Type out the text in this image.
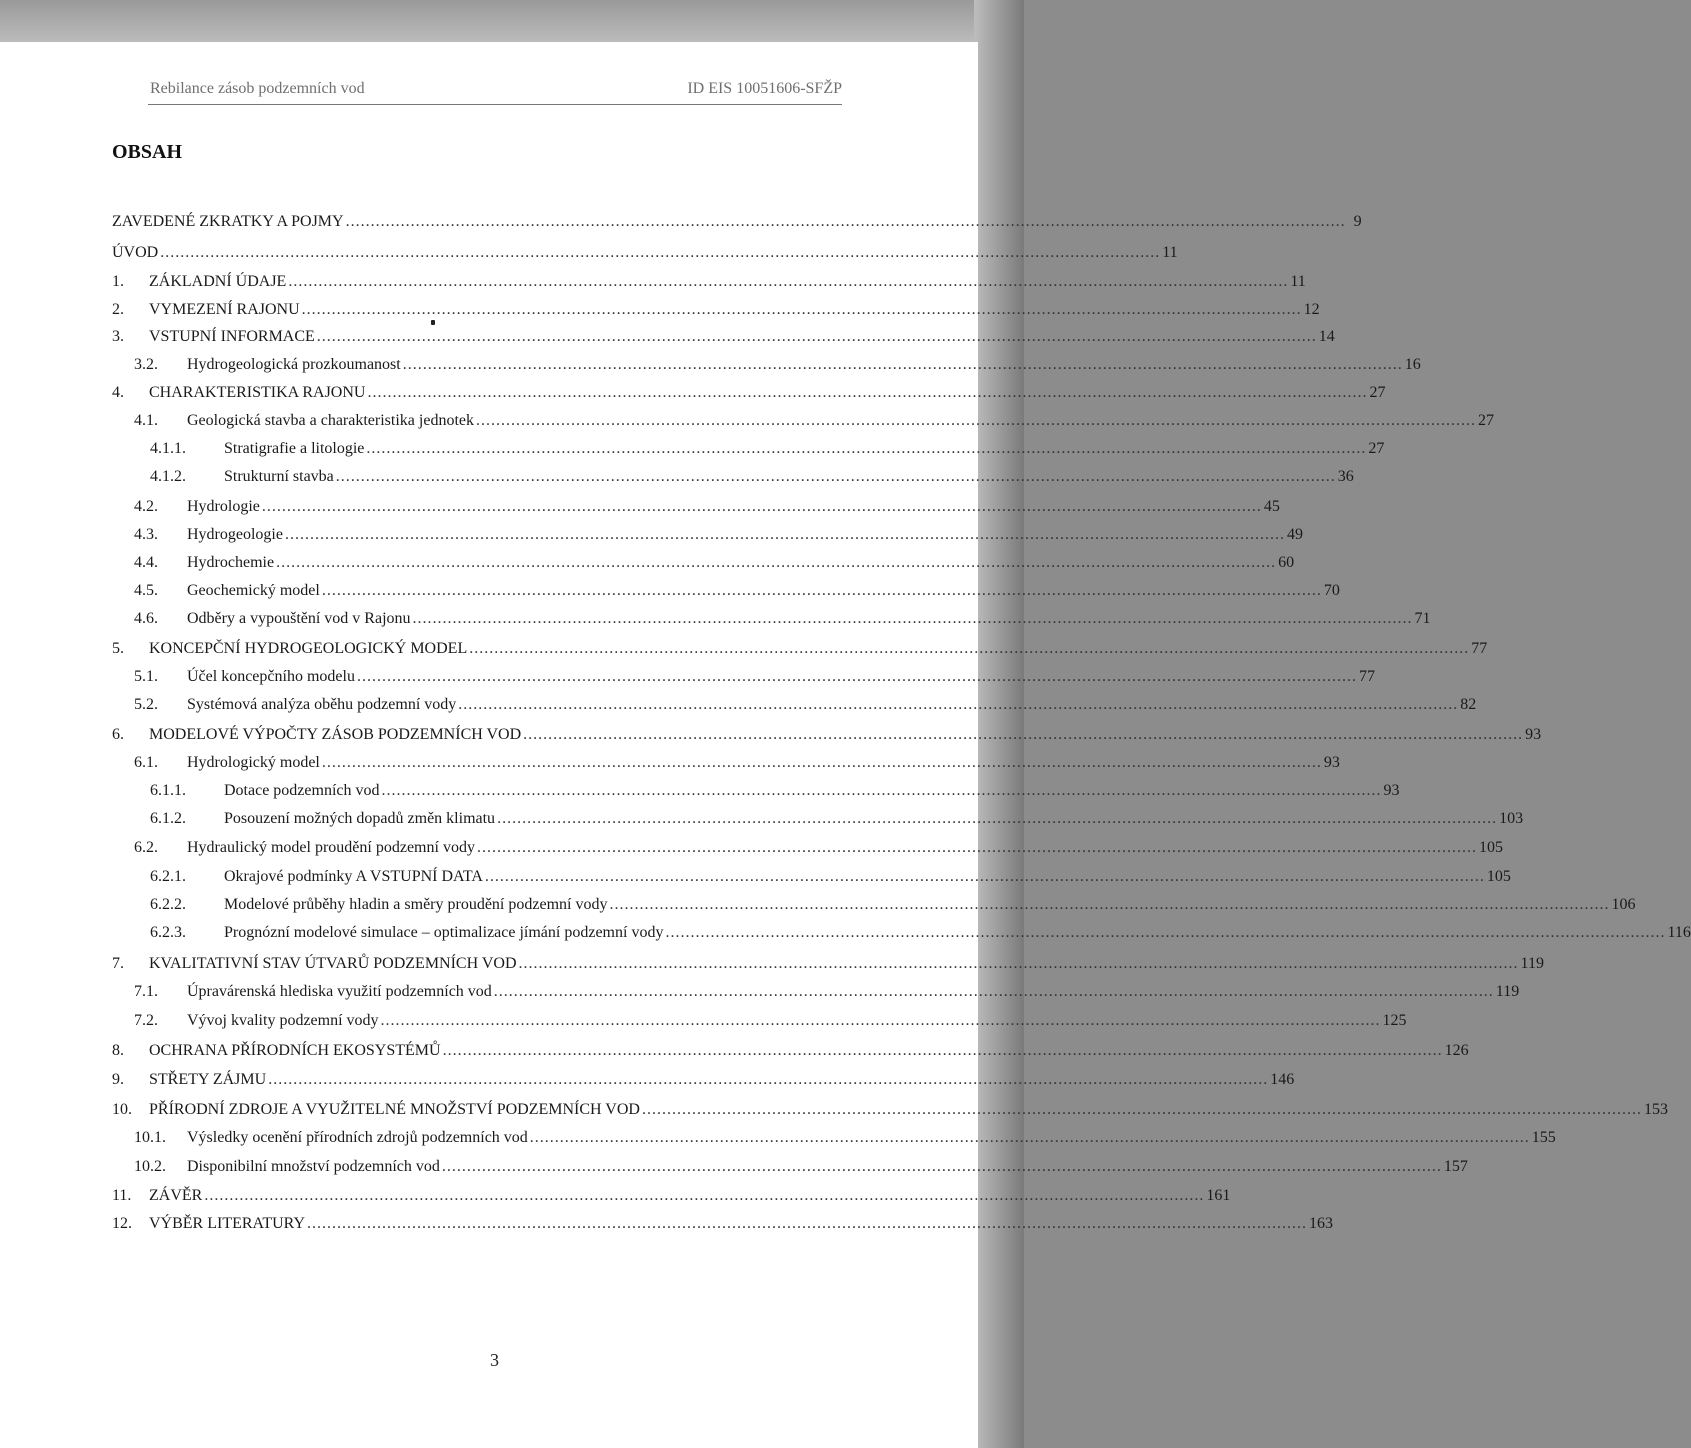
Rebilance zásob podzemních vod	ID EIS 10051606-SFŽP
OBSAH
ZAVEDENÉ ZKRATKY A POJMY ........................................................................................................................................................................................................ 9
ÚVOD ........................................................................................................................................................................................................ 11
1.	ZÁKLADNÍ ÚDAJE ........................................................................................................................................................................................................ 11
2.	VYMEZENÍ RAJONU ........................................................................................................................................................................................................ 12
3.	VSTUPNÍ INFORMACE ........................................................................................................................................................................................................ 14
3.2.	Hydrogeologická prozkoumanost ........................................................................................................................................................................................................ 16
4.	CHARAKTERISTIKA RAJONU ........................................................................................................................................................................................................ 27
4.1.	Geologická stavba a charakteristika jednotek ........................................................................................................................................................................................................ 27
4.1.1.	Stratigrafie a litologie ........................................................................................................................................................................................................ 27
4.1.2.	Strukturní stavba ........................................................................................................................................................................................................ 36
4.2.	Hydrologie ........................................................................................................................................................................................................ 45
4.3.	Hydrogeologie ........................................................................................................................................................................................................ 49
4.4.	Hydrochemie ........................................................................................................................................................................................................ 60
4.5.	Geochemický model ........................................................................................................................................................................................................ 70
4.6.	Odběry a vypouštění vod v Rajonu ........................................................................................................................................................................................................ 71
5.	KONCEPČNÍ HYDROGEOLOGICKÝ MODEL ........................................................................................................................................................................................................ 77
5.1.	Účel koncepčního modelu ........................................................................................................................................................................................................ 77
5.2.	Systémová analýza oběhu podzemní vody ........................................................................................................................................................................................................ 82
6.	MODELOVÉ VÝPOČTY ZÁSOB PODZEMNÍCH VOD ........................................................................................................................................................................................................ 93
6.1.	Hydrologický model ........................................................................................................................................................................................................ 93
6.1.1.	Dotace podzemních vod ........................................................................................................................................................................................................ 93
6.1.2.	Posouzení možných dopadů změn klimatu ........................................................................................................................................................................................................ 103
6.2.	Hydraulický model proudění podzemní vody ........................................................................................................................................................................................................ 105
6.2.1.	Okrajové podmínky A VSTUPNÍ DATA ........................................................................................................................................................................................................ 105
6.2.2.	Modelové průběhy hladin a směry proudění podzemní vody ........................................................................................................................................................................................................ 106
6.2.3.	Prognózní modelové simulace – optimalizace jímání podzemní vody ........................................................................................................................................................................................................ 116
7.	KVALITATIVNÍ STAV ÚTVARŮ PODZEMNÍCH VOD ........................................................................................................................................................................................................ 119
7.1.	Úpravárenská hlediska využití podzemních vod ........................................................................................................................................................................................................ 119
7.2.	Vývoj kvality podzemní vody ........................................................................................................................................................................................................ 125
8.	OCHRANA PŘÍRODNÍCH EKOSYSTÉMŮ ........................................................................................................................................................................................................ 126
9.	STŘETY ZÁJMU ........................................................................................................................................................................................................ 146
10.	PŘÍRODNÍ ZDROJE A VYUŽITELNÉ MNOŽSTVÍ PODZEMNÍCH VOD ........................................................................................................................................................................................................ 153
10.1.	Výsledky ocenění přírodních zdrojů podzemních vod ........................................................................................................................................................................................................ 155
10.2.	Disponibilní množství podzemních vod ........................................................................................................................................................................................................ 157
11.	ZÁVĚR ........................................................................................................................................................................................................ 161
12.	VÝBĚR LITERATURY ........................................................................................................................................................................................................ 163
3
